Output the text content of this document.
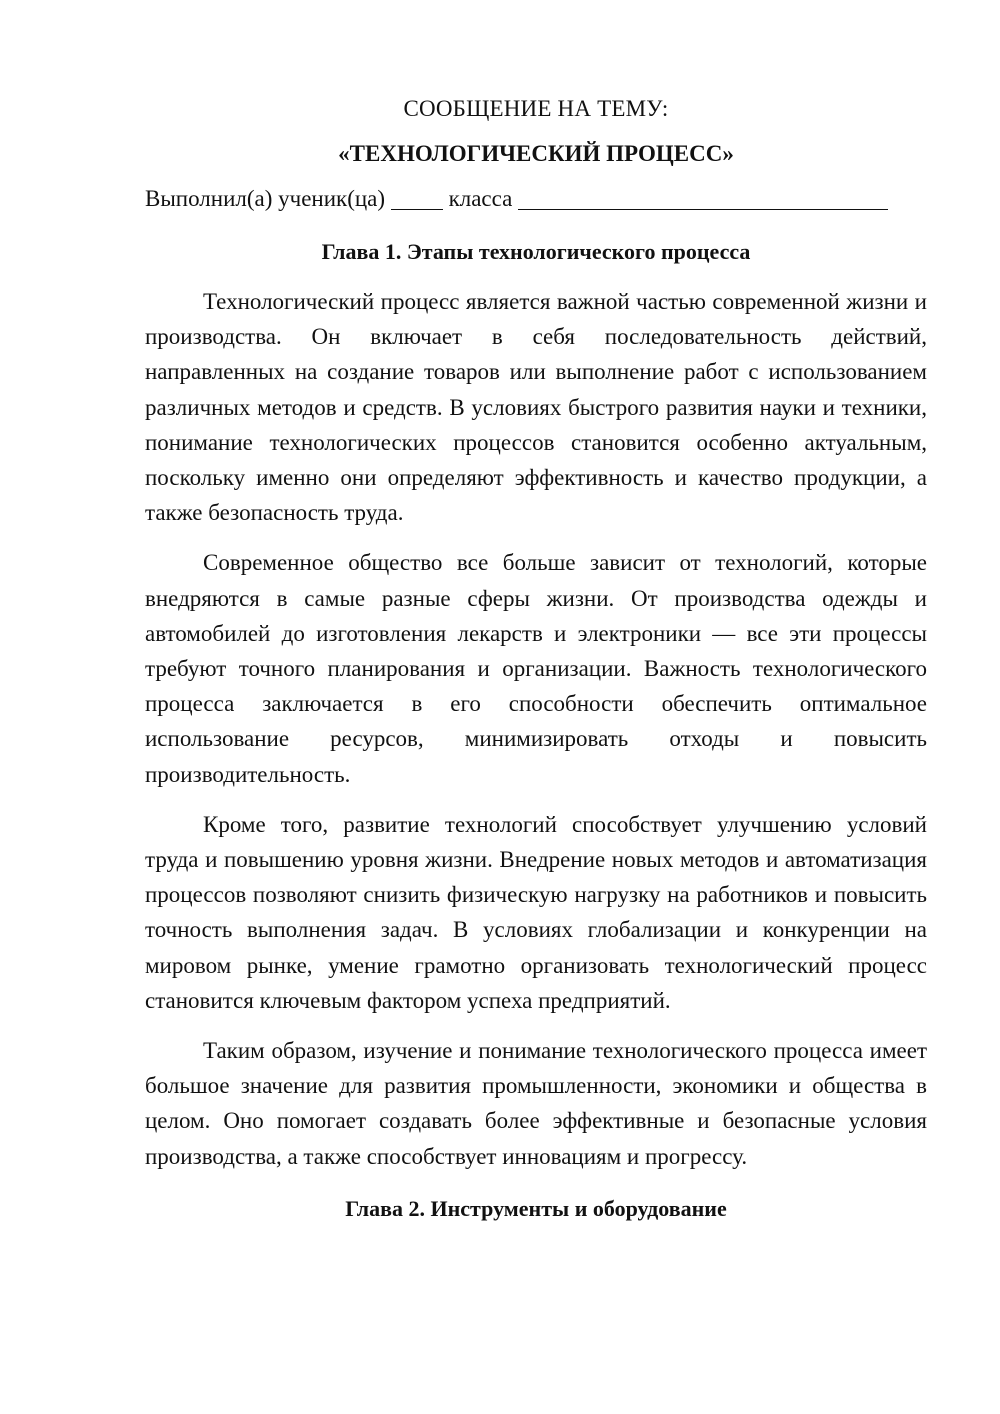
СООБЩЕНИЕ НА ТЕМУ:
«ТЕХНОЛОГИЧЕСКИЙ ПРОЦЕСС»
Выполнил(а) ученик(ца)	класса
Глава 1. Этапы технологического процесса

Технологический процесс является важной частью современной жизни и производства. Он включает в себя последовательность действий, направленных на создание товаров или выполнение работ с использованием различных методов и средств. В условиях быстрого развития науки и техники, понимание технологических процессов становится особенно актуальным, поскольку именно они определяют эффективность и качество продукции, а также безопасность труда.

Современное общество все больше зависит от технологий, которые внедряются в самые разные сферы жизни. От производства одежды и автомобилей до изготовления лекарств и электроники — все эти процессы требуют точного планирования и организации. Важность технологического процесса заключается в его способности обеспечить оптимальное использование ресурсов, минимизировать отходы и повысить производительность.

Кроме того, развитие технологий способствует улучшению условий труда и повышению уровня жизни. Внедрение новых методов и автоматизация процессов позволяют снизить физическую нагрузку на работников и повысить точность выполнения задач. В условиях глобализации и конкуренции на мировом рынке, умение грамотно организовать технологический процесс становится ключевым фактором успеха предприятий.

Таким образом, изучение и понимание технологического процесса имеет большое значение для развития промышленности, экономики и общества в целом. Оно помогает создавать более эффективные и безопасные условия производства, а также способствует инновациям и прогрессу.

Глава 2. Инструменты и оборудование
